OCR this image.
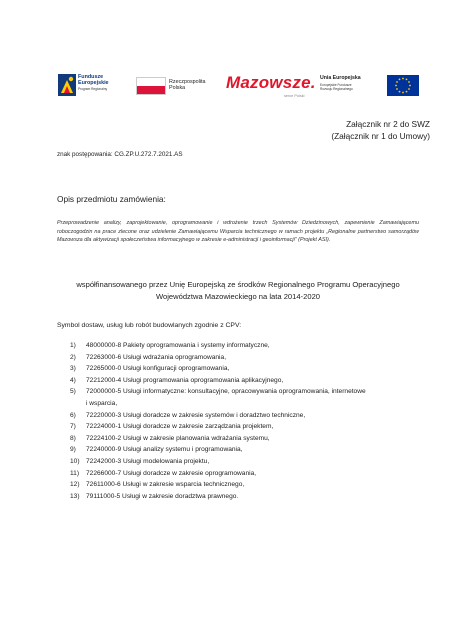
Fundusze
Europejskie
Program Regionalny
Rzeczpospolita
Polska	Mazowsze.
serce Polski
Unia Europejska
Europejskie Fundusze
Rozwoju Regionalnego
Załącznik nr 2 do SWZ
(Załącznik nr 1 do Umowy)
znak postępowania: CG.ZP.U.272.7.2021.AS
Opis przedmiotu zamówienia:
Przeprowadzenie analizy, zaprojektowanie, oprogramowanie i wdrożenie trzech Systemów Dziedzinowych, zapewnienie Zamawiającemu roboczogodzin na prace zlecone oraz udzielenie Zamawiającemu Wsparcia technicznego w ramach projektu „Regionalne partnerstwo samorządów Mazowsza dla aktywizacji społeczeństwa informacyjnego w zakresie e-administracji i geoinformacji” (Projekt ASI).
współfinansowanego przez Unię Europejską ze środków Regionalnego Programu Operacyjnego Województwa Mazowieckiego na lata 2014-2020
Symbol dostaw, usług lub robót budowlanych zgodnie z CPV:
1)	48000000-8 Pakiety oprogramowania i systemy informatyczne,
2)	72263000-6 Usługi wdrażania oprogramowania,
3)	72265000-0 Usługi konfiguracji oprogramowania,
4)	72212000-4 Usługi programowania oprogramowania aplikacyjnego,
5)	72000000-5 Usługi informatyczne: konsultacyjne, opracowywania oprogramowania, internetowe
i wsparcia,
6)	72220000-3 Usługi doradcze w zakresie systemów i doradztwo techniczne,
7)	72224000-1 Usługi doradcze w zakresie zarządzania projektem,
8)	72224100-2 Usługi w zakresie planowania wdrażania systemu,
9)	72240000-9 Usługi analizy systemu i programowania,
10) 72242000-3 Usługi modelowania projektu,
11)	72266000-7 Usługi doradcze w zakresie oprogramowania,
12) 72611000-6 Usługi w zakresie wsparcia technicznego,
13) 79111000-5 Usługi w zakresie doradztwa prawnego.
